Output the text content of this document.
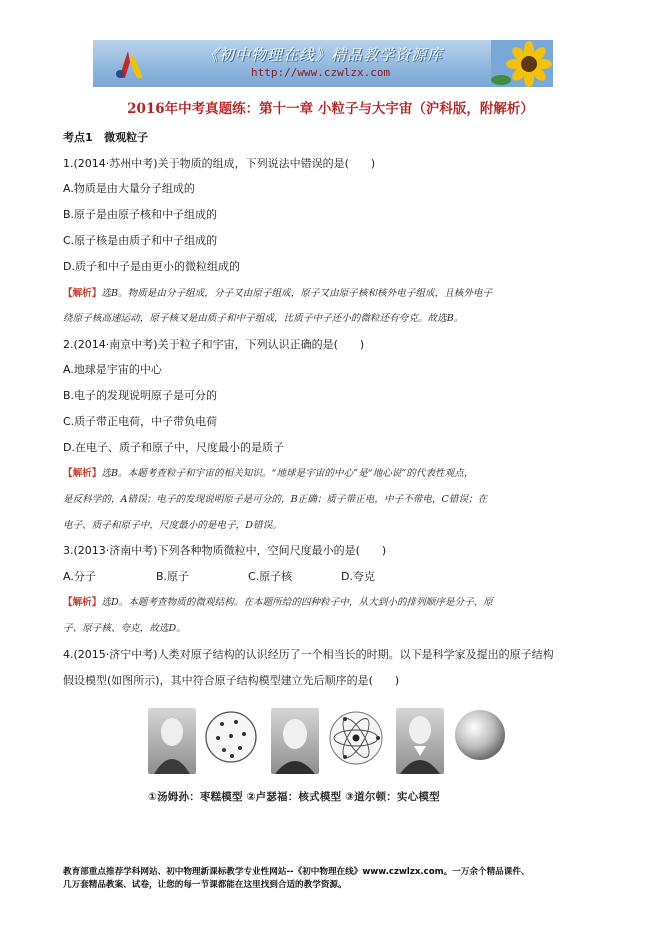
《初中物理在线》精品教学资源库
http://www.czwlzx.com
2016年中考真题练：第十一章 小粒子与大宇宙（沪科版，附解析）
考点1 微观粒子
1.(2014·苏州中考)关于物质的组成，下列说法中错误的是(　　)
A.物质是由大量分子组成的
B.原子是由原子核和中子组成的
C.原子核是由质子和中子组成的
D.质子和中子是由更小的微粒组成的
【解析】选B。物质是由分子组成，分子又由原子组成，原子又由原子核和核外电子组成，且核外电子
绕原子核高速运动，原子核又是由质子和中子组成，比质子中子还小的微粒还有夸克。故选B。
2.(2014·南京中考)关于粒子和宇宙，下列认识正确的是(　　)
A.地球是宇宙的中心
B.电子的发现说明原子是可分的
C.质子带正电荷，中子带负电荷
D.在电子、质子和原子中，尺度最小的是质子
【解析】选B。本题考查粒子和宇宙的相关知识。“地球是宇宙的中心”是“地心说”的代表性观点，
是反科学的，A错误；电子的发现说明原子是可分的，B正确；质子带正电，中子不带电，C错误；在
电子、质子和原子中，尺度最小的是电子，D错误。
3.(2013·济南中考)下列各种物质微粒中，空间尺度最小的是(　　)
A.分子	B.原子	C.原子核	D.夸克
【解析】选D。本题考查物质的微观结构。在本题所给的四种粒子中，从大到小的排列顺序是分子、原
子、原子核、夸克，故选D。
4.(2015·济宁中考)人类对原子结构的认识经历了一个相当长的时期。以下是科学家及提出的原子结构
假设模型(如图所示)，其中符合原子结构模型建立先后顺序的是(　　)
①汤姆孙：枣糕模型 ②卢瑟福：核式模型 ③道尔顿：实心模型
教育部重点推荐学科网站、初中物理新课标教学专业性网站--《初中物理在线》www.czwlzx.com。一万余个精品课件、
几万套精品教案、试卷，让您的每一节课都能在这里找到合适的教学资源。
